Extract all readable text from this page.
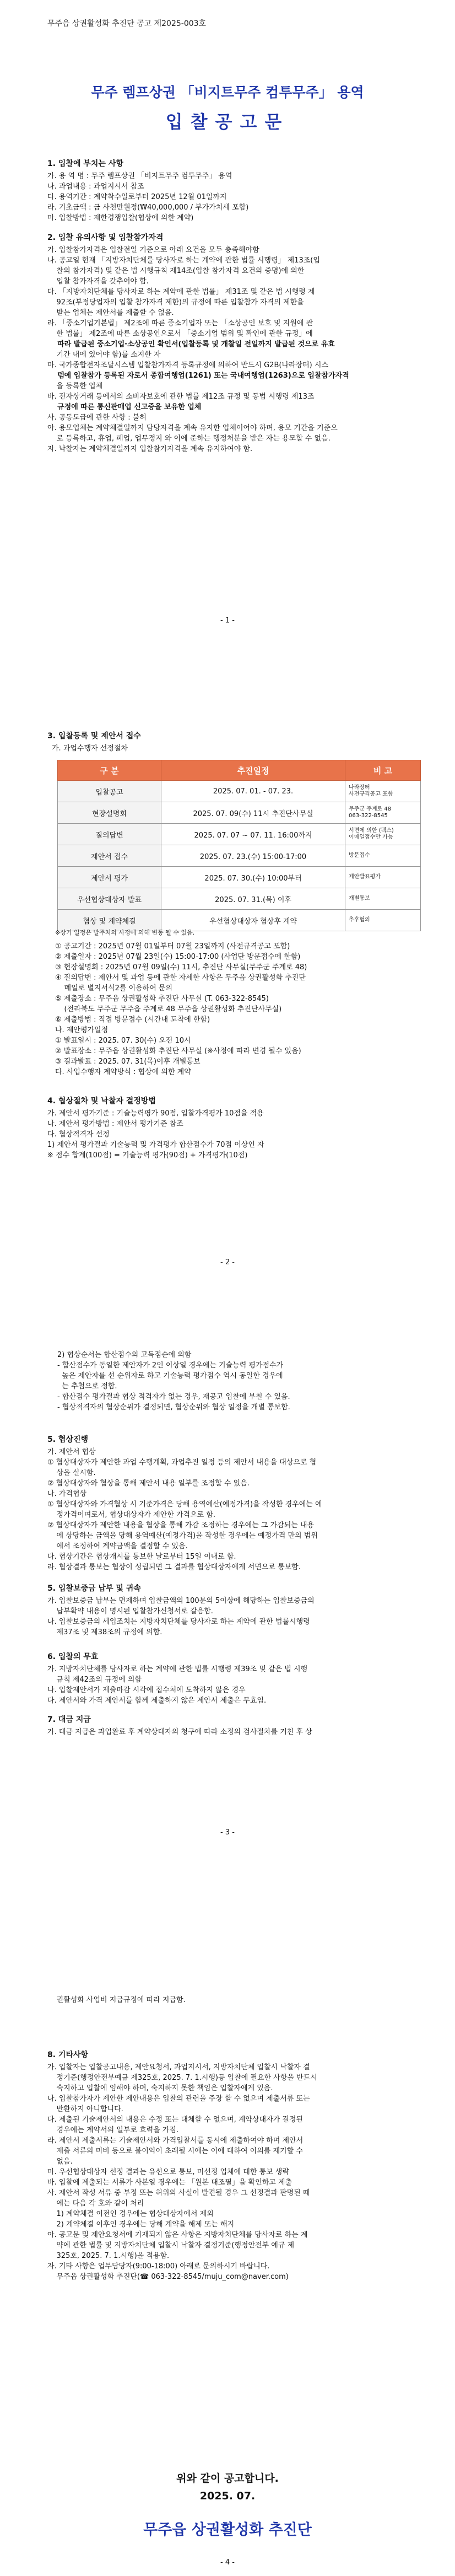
무주읍 상권활성화 추진단 공고 제2025-003호
무주 렘프상권 「비지트무주 컴투무주」 용역
입찰공고문
1. 입찰에 부치는 사항
가. 용 역 명 : 무주 렘프상권 「비지트무주 컴투무주」 용역
나. 과업내용 : 과업지시서 참조
다. 용역기간 : 계약착수일로부터 2025년 12월 01일까지
라. 기초금액 : 금 사천만원정(₩40,000,000 / 부가가치세 포함)
마. 입찰방법 : 제한경쟁입찰(협상에 의한 계약)
2. 입찰 유의사항 및 입찰참가자격
가. 입찰참가자격은 입찰전일 기준으로 아래 요건을 모두 충족해야함
나. 공고일 현재 「지방자치단체를 당사자로 하는 계약에 관한 법률 시행령」 제13조(입
찰의 참가자격) 및 같은 법 시행규칙 제14조(입찰 참가자격 요건의 증명)에 의한
입찰 참가자격을 갖추어야 함.
다. 「지방자치단체를 당사자로 하는 계약에 관한 법률」 제31조 및 같은 법 시행령 제
92조(부정당업자의 입찰 참가자격 제한)의 규정에 따른 입찰참가 자격의 제한을
받는 업체는 제안서를 제출할 수 없음.
라. 「중소기업기본법」 제2조에 따른 중소기업자 또는 「소상공인 보호 및 지원에 관
한 법률」 제2조에 따른 소상공인으로서 「중소기업 범위 및 확인에 관한 규정」에
따라 발급된 중소기업·소상공인 확인서(입찰등록 및 개찰일 전일까지 발급된 것으로 유효
기간 내에 있어야 함)를 소지한 자
마. 국가종합전자조달시스템 입찰참가자격 등록규정에 의하여 반드시 G2B(나라장터) 시스
템에 입찰참가 등록된 자로서 종합여행업(1261) 또는 국내여행업(1263)으로 입찰참가자격
을 등록한 업체
바. 전자상거래 등에서의 소비자보호에 관한 법률 제12조 규정 및 동법 시행령 제13조
규정에 따른 통신판매업 신고증을 보유한 업체
사. 공동도급에 관한 사항 : 불허
아. 용모업체는 계약체결일까지 담당자격을 계속 유지한 업체이어야 하며, 용모 기간을 기준으
로 등록하고, 휴업, 폐업, 업무정지 와 이에 준하는 행정처분을 받은 자는 용모할 수 없음.
자. 낙찰자는 계약체결일까지 입찰참가자격을 계속 유지하여야 함.
- 1 -
3. 입찰등록 및 제안서 접수
가. 과업수행자 선정절차
구 분	추진일정	비 고
입찰공고	2025. 07. 01. - 07. 23.	나라장터
사전규격공고 포함
현장설명회	2025. 07. 09(수) 11시 추진단사무실	무주군 주계로 48
063-322-8545
질의답변	2025. 07. 07 ~ 07. 11. 16:00까지	서면에 의한 (팩스)
이메일접수만 가능
제안서 접수	2025. 07. 23.(수) 15:00-17:00	방문접수
제안서 평가	2025. 07. 30.(수) 10:00부터	제안발표평가
우선협상대상자 발표	2025. 07. 31.(목) 이후	개별통보
협상 및 계약체결	우선협상대상자 협상후 계약	추후협의
※상기 일정은 발주처의 사정에 의해 변동 될 수 있음.
① 공고기간 : 2025년 07월 01일부터 07월 23일까지 (사전규격공고 포함)
② 제출일자 : 2025년 07월 23일(수) 15:00-17:00 (사업단 방문접수에 한함)
③ 현장설명회 : 2025년 07월 09일(수) 11시, 추진단 사무실(무주군 주계로 48)
④ 질의답변 : 제안서 및 과업 등에 관한 자세한 사항은 무주읍 상권활성화 추진단
메일로 별지서식2를 이용하여 문의
⑤ 제출장소 : 무주읍 상권활성화 추진단 사무실 (T. 063-322-8545)
(전라북도 무주군 무주읍 주계로 48 무주읍 상권활성화 추진단사무실)
⑥ 제출방법 : 직접 방문접수 (시간내 도착에 한함)
나. 제안평가일정
① 발표일시 : 2025. 07. 30(수) 오전 10시
② 발표장소 : 무주읍 상권활성화 추진단 사무실 (※사정에 따라 변경 될수 있음)
③ 결과발표 : 2025. 07. 31(목)이후 개별통보
다. 사업수행자 계약방식 : 협상에 의한 계약
4. 협상절차 및 낙찰자 결정방법
가. 제안서 평가기준 : 기술능력평가 90점, 입찰가격평가 10점을 적용
나. 제안서 평가방법 : 제안서 평가기준 참조
다. 협상적격자 선정
1) 제안서 평가결과 기술능력 및 가격평가 합산점수가 70점 이상인 자
※ 점수 합계(100점) = 기술능력 평가(90점) + 가격평가(10점)
- 2 -
2) 협상순서는 합산점수의 고득점순에 의함
- 합산점수가 동일한 제안자가 2인 이상일 경우에는 기술능력 평가점수가
높은 제안자를 선 순위자로 하고 기술능력 평가점수 역시 동일한 경우에
는 추첨으로 정함.
- 합산점수 평가결과 협상 적격자가 없는 경우, 재공고 입찰에 부칠 수 있음.
- 협상적격자의 협상순위가 결정되면, 협상순위와 협상 일정을 개별 통보함.
5. 협상진행
가. 제안서 협상
① 협상대상자가 제안한 과업 수행계획, 과업추진 일정 등의 제안서 내용을 대상으로 협
상을 실시함.
② 협상대상자와 협상을 통해 제안서 내용 일부를 조정할 수 있음.
나. 가격협상
① 협상대상자와 가격협상 시 기준가격은 당해 용역예산(예정가격)을 작성한 경우에는 예
정가격이며로서, 협상대상자가 제안한 가격으로 함.
② 협상대상자가 제안한 내용을 협상을 통해 가감 조정하는 경우에는 그 가감되는 내용
에 상당하는 금액을 당해 용역예산(예정가격)을 작성한 경우에는 예정가격 만의 범위
에서 조정하여 계약금액을 결정할 수 있음.
다. 협상기간은 협상개시를 통보한 날로부터 15일 이내로 함.
라. 협상결과 통보는 협상이 성립되면 그 결과를 협상대상자에게 서면으로 통보함.
5. 입찰보증금 납부 및 귀속
가. 입찰보증금 납부는 면제하며 입찰금액의 100분의 5이상에 해당하는 입찰보증금의
납부확약 내용이 명시된 입찰참가신청서로 갈음함.
나. 입찰보증금의 세입조치는 지방자치단체를 당사자로 하는 계약에 관한 법률시행령
제37조 및 제38조의 규정에 의함.
6. 입찰의 무효
가. 지방자치단체를 당사자로 하는 계약에 관한 법률 시행령 제39조 및 같은 법 시행
규칙 제42조의 규정에 의함
나. 입찰제안서가 제출마감 시각에 접수처에 도착하지 않은 경우
다. 제안서와 가격 제안서를 함께 제출하지 않은 제안서 제출은 무효임.
7. 대금 지급
가. 대금 지급은 과업완료 후 계약상대자의 청구에 따라 소정의 검사절차를 거친 후 상
- 3 -
권활성화 사업비 지급규정에 따라 지급함.
8. 기타사항
가. 입찰자는 입찰공고내용, 제안요청서, 과업지시서, 지방자치단체 입찰시 낙찰자 결
정기준(행정안전부예규 제325호, 2025. 7. 1.시행)등 입찰에 필요한 사항을 반드시
숙지하고 입찰에 임해야 하며, 숙지하지 못한 책임은 입찰자에게 있음.
나. 입찰참가자가 제안한 제안내용은 입찰의 관련을 주장 할 수 없으며 제출서류 또는
반환하지 아니합니다.
다. 제출된 기술제안서의 내용은 수정 또는 대체할 수 없으며, 계약상대자가 결정된
경우에는 계약서의 일부로 효력을 가짐.
라. 제안서 제출서류는 기술제안서와 가격입찰서를 동시에 제출하여야 하며 제안서
제출 서류의 미비 등으로 불이익이 초래될 시에는 이에 대하여 이의를 제기할 수
없음.
마. 우선협상대상자 선정 결과는 유선으로 통보, 미선정 업체에 대한 통보 생략
바. 입찰에 제출되는 서류가 사본일 경우에는 「원본 대조필」을 확인하고 제출
사. 제안서 작성 서류 중 부정 또는 허위의 사실이 발견될 경우 그 선정결과 판명된 때
에는 다음 각 호와 같이 처리
1) 계약체결 이전인 경우에는 협상대상자에서 제외
2) 계약체결 이후인 경우에는 당해 계약을 해제 또는 해지
아. 공고문 및 제안요청서에 기재되지 않은 사항은 지방자치단체를 당사자로 하는 계
약에 관한 법률 및 지방자치단체 입찰시 낙찰자 결정기준(행정안전부 예규 제
325호, 2025. 7. 1.시행)을 적용함.
자. 기타 사항은 업무담당자(9:00-18:00) 아래로 문의하시기 바랍니다.
무주읍 상권활성화 추진단(☎ 063-322-8545/muju_com@naver.com)
위와 같이 공고합니다.
2025. 07.
무주읍 상권활성화 추진단
- 4 -
